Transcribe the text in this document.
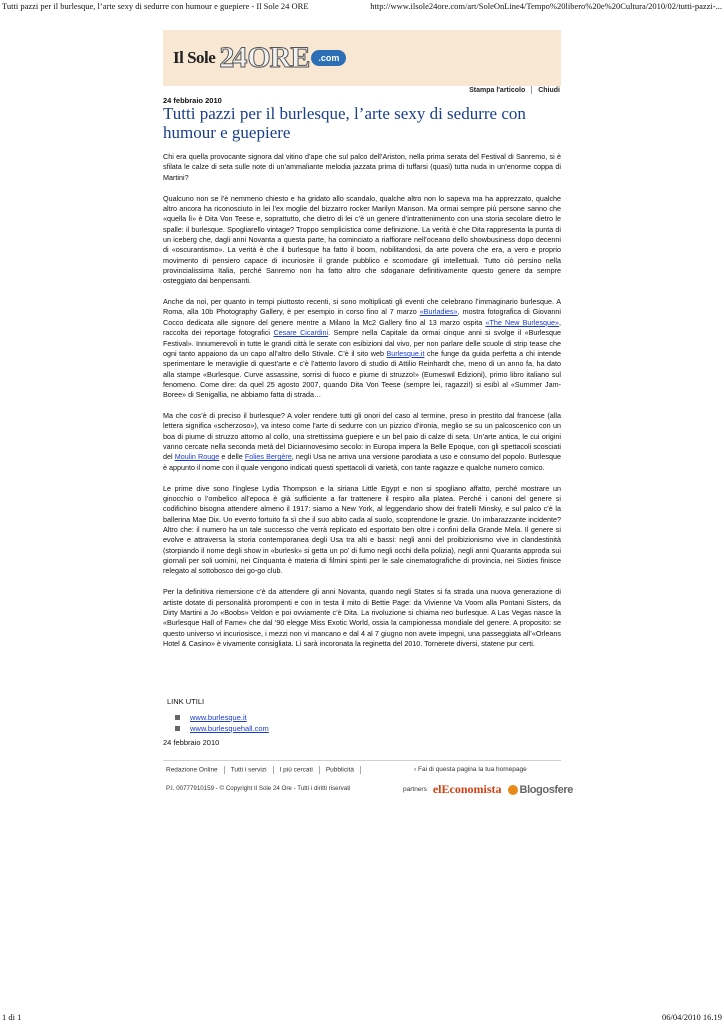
Tutti pazzi per il burlesque, l’arte sexy di sedurre con humour e guepiere - Il Sole 24 ORE	http://www.ilsole24ore.com/art/SoleOnLine4/Tempo%20libero%20e%20Cultura/2010/02/tutti-pazzi-...
Il Sole 24 ORE	.com
Stampa l'articolo Chiudi
24 febbraio 2010
Tutti pazzi per il burlesque, l’arte sexy di sedurre con humour e guepiere

Chi era quella provocante signora dal vitino d’ape che sul palco dell’Ariston, nella prima serata del Festival di Sanremo, si è sfilata le calze di seta sulle note di un’ammaliante melodia jazzata prima di tuffarsi (quasi) tutta nuda in un’enorme coppa di Martini?

Qualcuno non se l’è nemmeno chiesto e ha gridato allo scandalo, qualche altro non lo sapeva ma ha apprezzato, qualche altro ancora ha riconosciuto in lei l’ex moglie del bizzarro rocker Marilyn Manson. Ma ormai sempre più persone sanno che «quella lì» è Dita Von Teese e, soprattutto, che dietro di lei c’è un genere d’intrattenimento con una storia secolare dietro le spalle: il burlesque. Spogliarello vintage? Troppo semplicistica come definizione. La verità è che Dita rappresenta la punta di un iceberg che, dagli anni Novanta a questa parte, ha cominciato a riaffiorare nell’oceano dello showbusiness dopo decenni di «oscurantismo». La verità è che il burlesque ha fatto il boom, nobilitandosi, da arte povera che era, a vero e proprio movimento di pensiero capace di incuriosire il grande pubblico e scomodare gli intellettuali. Tutto ciò persino nella provincialissima Italia, perché Sanremo non ha fatto altro che sdoganare definitivamente questo genere da sempre osteggiato dai benpensanti.

Anche da noi, per quanto in tempi piuttosto recenti, si sono moltiplicati gli eventi che celebrano l’immaginario burlesque. A Roma, alla 10b Photography Gallery, è per esempio in corso fino al 7 marzo «Burladies», mostra fotografica di Giovanni Cocco dedicata alle signore del genere mentre a Milano la Mc2 Gallery fino al 13 marzo ospita «The New Burlesque», raccolta dei reportage fotografici Cesare Cicardini. Sempre nella Capitale da ormai cinque anni si svolge il «Burlesque Festival». Innumerevoli in tutte le grandi città le serate con esibizioni dal vivo, per non parlare delle scuole di strip tease che ogni tanto appaiono da un capo all’altro dello Stivale. C’è il sito web Burlesque.it che funge da guida perfetta a chi intende sperimentare le meraviglie di quest’arte e c’è l’attento lavoro di studio di Attilio Reinhardt che, meno di un anno fa, ha dato alla stampe «Burlesque. Curve assassine, sorrisi di fuoco e piume di struzzo!» (Eumeswil Edizioni), primo libro italiano sul fenomeno. Come dire: da quel 25 agosto 2007, quando Dita Von Teese (sempre lei, ragazzi!) si esibì al «Summer Jam-Boree» di Senigallia, ne abbiamo fatta di strada…

Ma che cos’è di preciso il burlesque? A voler rendere tutti gli onori del caso al termine, preso in prestito dal francese (alla lettera significa «scherzoso»), va inteso come l’arte di sedurre con un pizzico d’ironia, meglio se su un palcoscenico con un boa di piume di struzzo attorno al collo, una strettissima guepiere e un bel paio di calze di seta. Un’arte antica, le cui origini vanno cercate nella seconda metà del Diciannovesimo secolo: in Europa impera la Belle Epoque, con gli spettacoli scosciati del Moulin Rouge e delle Folies Bergère, negli Usa ne arriva una versione parodiata a uso e consumo del popolo. Burlesque è appunto il nome con il quale vengono indicati questi spettacoli di varietà, con tante ragazze e qualche numero comico.

Le prime dive sono l’inglese Lydia Thompson e la siriana Little Egypt e non si spogliano affatto, perché mostrare un ginocchio o l’ombelico all’epoca è già sufficiente a far trattenere il respiro alla platea. Perché i canoni del genere si codifichino bisogna attendere almeno il 1917: siamo a New York, al leggendario show dei fratelli Minsky, e sul palco c’è la ballerina Mae Dix. Un evento fortuito fa sì che il suo abito cada al suolo, scoprendone le grazie. Un imbarazzante incidente? Altro che: il numero ha un tale successo che verrà replicato ed esportato ben oltre i confini della Grande Mela. Il genere si evolve e attraversa la storia contemporanea degli Usa tra alti e bassi: negli anni del proibizionismo vive in clandestinità (storpiando il nome degli show in «burlesk» si getta un po’ di fumo negli occhi della polizia), negli anni Quaranta approda sui giornali per soli uomini, nei Cinquanta è materia di filmini spinti per le sale cinematografiche di provincia, nei Sixties finisce relegato al sottobosco dei go-go club.

Per la definitiva riemersione c’è da attendere gli anni Novanta, quando negli States si fa strada una nuova generazione di artiste dotate di personalità prorompenti e con in testa il mito di Bettie Page: da Vivienne Va Voom alla Pontani Sisters, da Dirty Martini a Jo «Boobs» Veldon e poi ovviamente c’è Dita. La rivoluzione si chiama neo burlesque. A Las Vegas nasce la «Burlesque Hall of Fame» che dal ’90 elegge Miss Exotic World, ossia la campionessa mondiale del genere. A proposito: se questo universo vi incuriosisce, i mezzi non vi mancano e dal 4 al 7 giugno non avete impegni, una passeggiata all’«Orleans Hotel & Casino» è vivamente consigliata. Lì sarà incoronata la reginetta del 2010. Tornerete diversi, statene pur certi.

LINK UTILI
www.burlesque.it
www.burlesquehall.com
24 febbraio 2010
Redazione Online Tutti i servizi I più cercati Pubblicità	› Fai di questa pagina la tua homepage
P.I. 00777910159 - © Copyright Il Sole 24 Ore - Tutti i diritti riservati	partners elEconomista Blogosfere
1 di 1	06/04/2010 16.19
